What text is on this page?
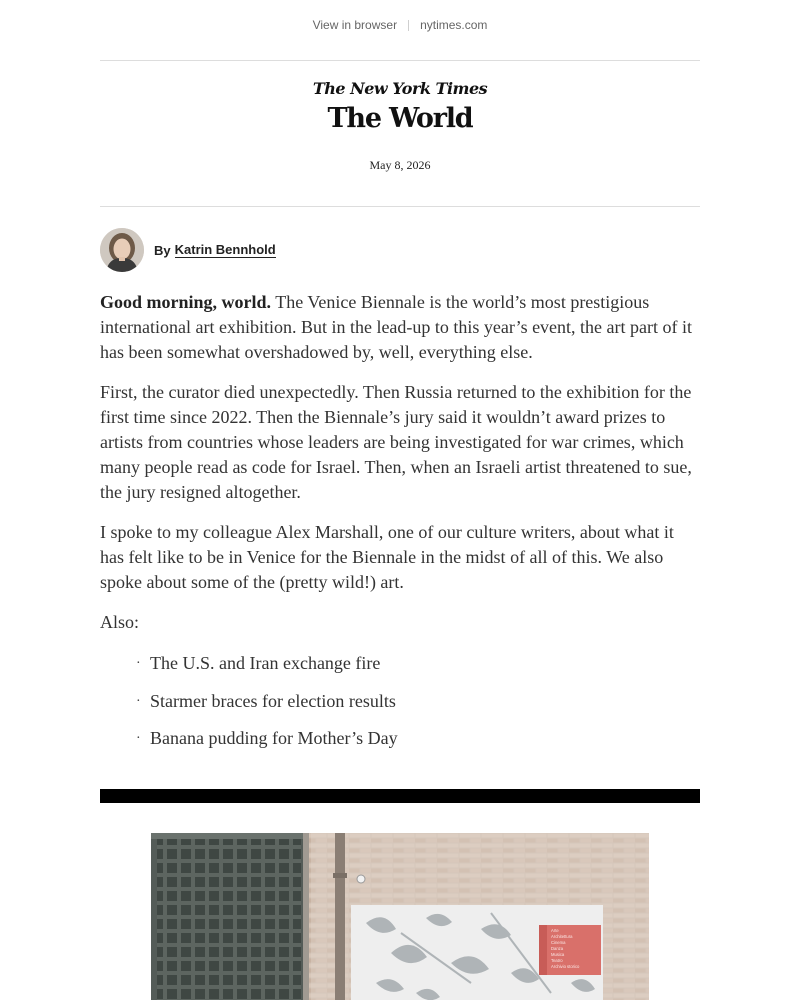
View in browser nytimes.com
The New York Times
The World
May 8, 2026
By Katrin Bennhold

Good morning, world. The Venice Biennale is the world’s most prestigious international art exhibition. But in the lead-up to this year’s event, the art part of it has been somewhat overshadowed by, well, everything else.

First, the curator died unexpectedly. Then Russia returned to the exhibition for the first time since 2022. Then the Biennale’s jury said it wouldn’t award prizes to artists from countries whose leaders are being investigated for war crimes, which many people read as code for Israel. Then, when an Israeli artist threatened to sue, the jury resigned altogether.

I spoke to my colleague Alex Marshall, one of our culture writers, about what it has felt like to be in Venice for the Biennale in the midst of all of this. We also spoke about some of the (pretty wild!) art.

Also:

· The U.S. and Iran exchange fire
· Starmer braces for election results
· Banana pudding for Mother’s Day
Arte
Architettura
Cinema
Danza
Musica
Teatro
Archivio storico
